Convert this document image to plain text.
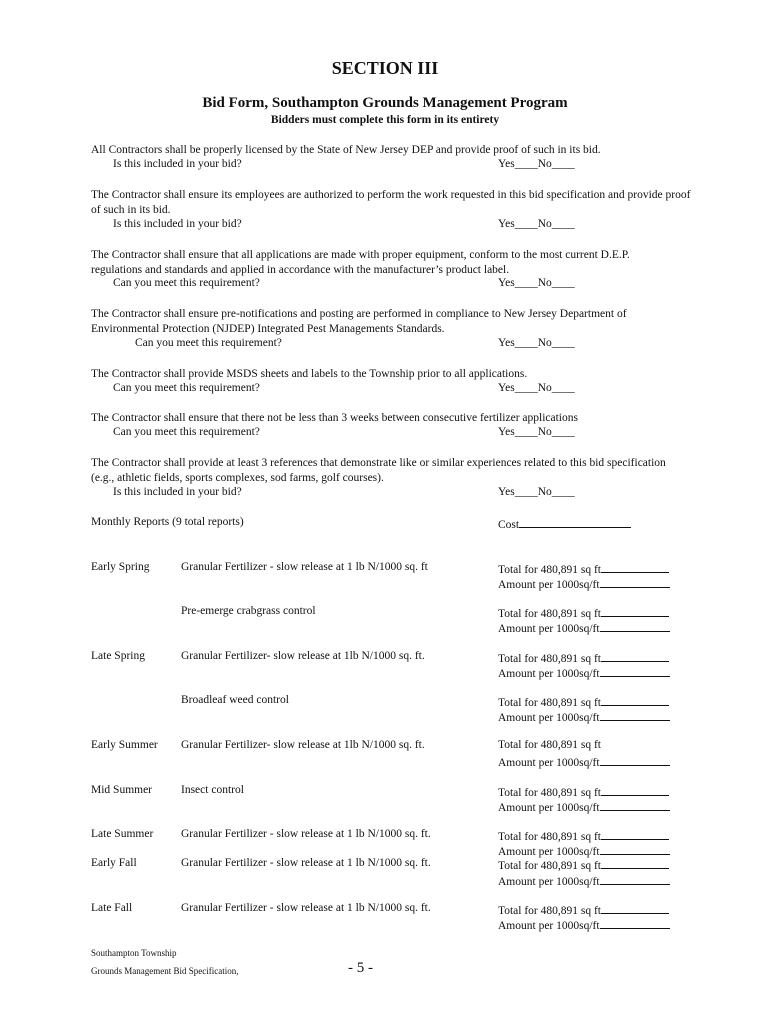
SECTION III
Bid Form, Southampton Grounds Management Program
Bidders must complete this form in its entirety
All Contractors shall be properly licensed by the State of New Jersey DEP and provide proof of such in its bid.
Is this included in your bid?	Yes____No____
The Contractor shall ensure its employees are authorized to perform the work requested in this bid specification and provide proof of such in its bid.
Is this included in your bid?	Yes____No____
The Contractor shall ensure that all applications are made with proper equipment, conform to the most current D.E.P. regulations and standards and applied in accordance with the manufacturer’s product label.
Can you meet this requirement?	Yes____No____
The Contractor shall ensure pre-notifications and posting are performed in compliance to New Jersey Department of Environmental Protection (NJDEP) Integrated Pest Managements Standards.
Can you meet this requirement?	Yes____No____
The Contractor shall provide MSDS sheets and labels to the Township prior to all applications.
Can you meet this requirement?	Yes____No____
The Contractor shall ensure that there not be less than 3 weeks between consecutive fertilizer applications
Can you meet this requirement?	Yes____No____
The Contractor shall provide at least 3 references that demonstrate like or similar experiences related to this bid specification (e.g., athletic fields, sports complexes, sod farms, golf courses).
Is this included in your bid?	Yes____No____
Monthly Reports (9 total reports)	Cost
Early Spring	Granular Fertilizer - slow release at 1 lb N/1000 sq. ft	Total for 480,891 sq ft
Amount per 1000sq/ft
Pre-emerge crabgrass control	Total for 480,891 sq ft
Amount per 1000sq/ft
Late Spring	Granular Fertilizer- slow release at 1lb N/1000 sq. ft.	Total for 480,891 sq ft
Amount per 1000sq/ft
Broadleaf weed control	Total for 480,891 sq ft
Amount per 1000sq/ft
Early Summer Granular Fertilizer- slow release at 1lb N/1000 sq. ft.	Total for 480,891 sq ft
Amount per 1000sq/ft
Mid Summer	Insect control	Total for 480,891 sq ft
Amount per 1000sq/ft
Late Summer Granular Fertilizer - slow release at 1 lb N/1000 sq. ft.	Total for 480,891 sq ft
Amount per 1000sq/ft
Early Fall	Granular Fertilizer - slow release at 1 lb N/1000 sq. ft.	Total for 480,891 sq ft
Amount per 1000sq/ft
Late Fall	Granular Fertilizer - slow release at 1 lb N/1000 sq. ft.	Total for 480,891 sq ft
Amount per 1000sq/ft
Southampton Township
Grounds Management Bid Specification,	- 5 -
